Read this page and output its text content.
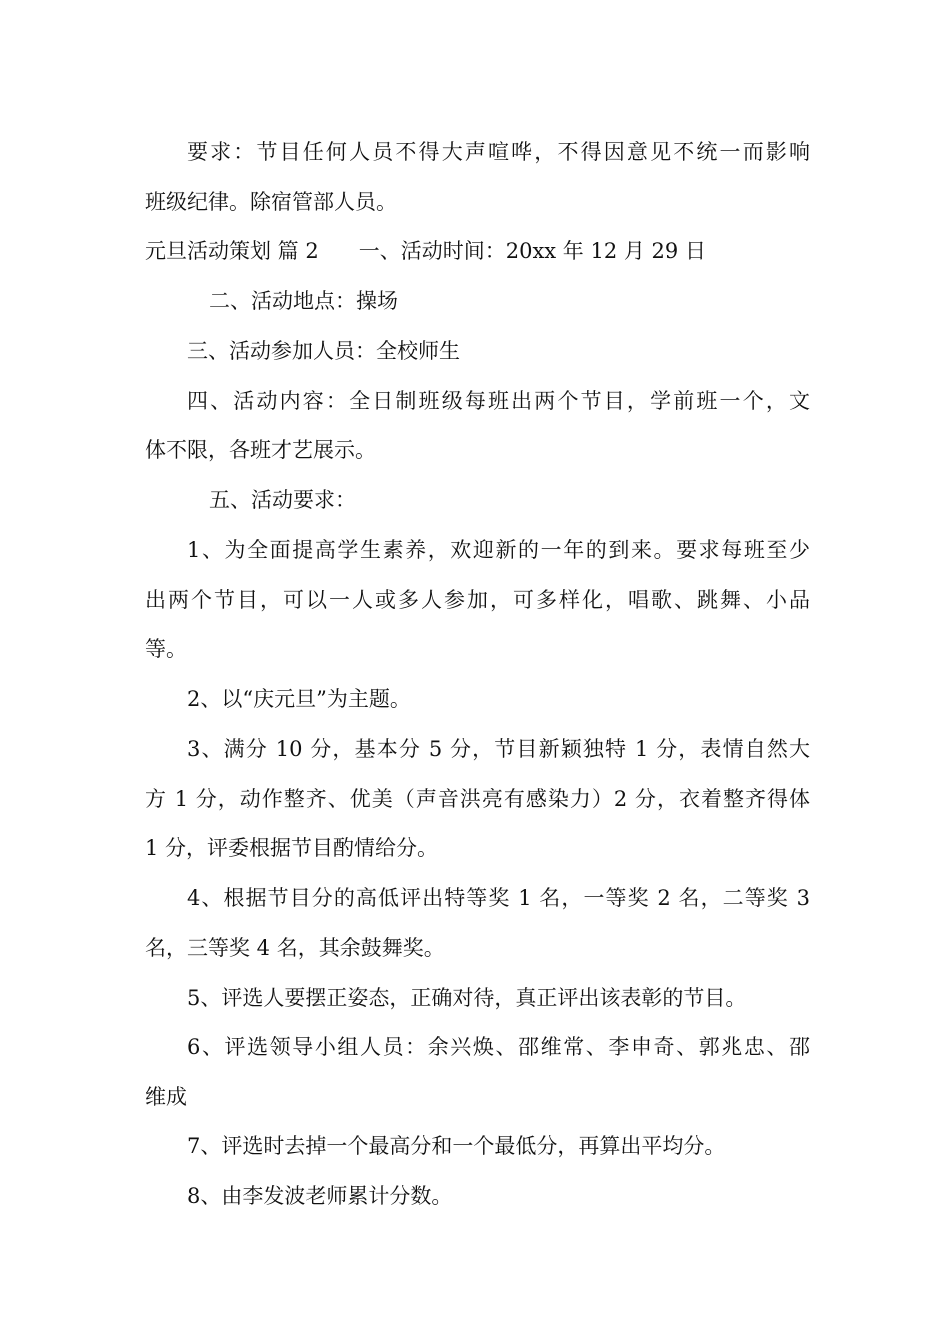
要求：节目任何人员不得大声喧哗，不得因意见不统一而影响
班级纪律。除宿管部人员。
元旦活动策划 篇 2 一、活动时间：20xx 年 12 月 29 日
二、活动地点：操场
三、活动参加人员：全校师生
四、活动内容：全日制班级每班出两个节目，学前班一个，文
体不限，各班才艺展示。
五、活动要求：
1、为全面提高学生素养，欢迎新的一年的到来。要求每班至少
出两个节目，可以一人或多人参加，可多样化，唱歌、跳舞、小品
等。
2、以“庆元旦”为主题。
3、满分 10 分，基本分 5 分，节目新颖独特 1 分，表情自然大
方 1 分，动作整齐、优美（声音洪亮有感染力）2 分，衣着整齐得体
1 分，评委根据节目酌情给分。
4、根据节目分的高低评出特等奖 1 名，一等奖 2 名，二等奖 3
名，三等奖 4 名，其余鼓舞奖。
5、评选人要摆正姿态，正确对待，真正评出该表彰的节目。
6、评选领导小组人员：余兴焕、邵维常、李申奇、郭兆忠、邵
维成
7、评选时去掉一个最高分和一个最低分，再算出平均分。
8、由李发波老师累计分数。
